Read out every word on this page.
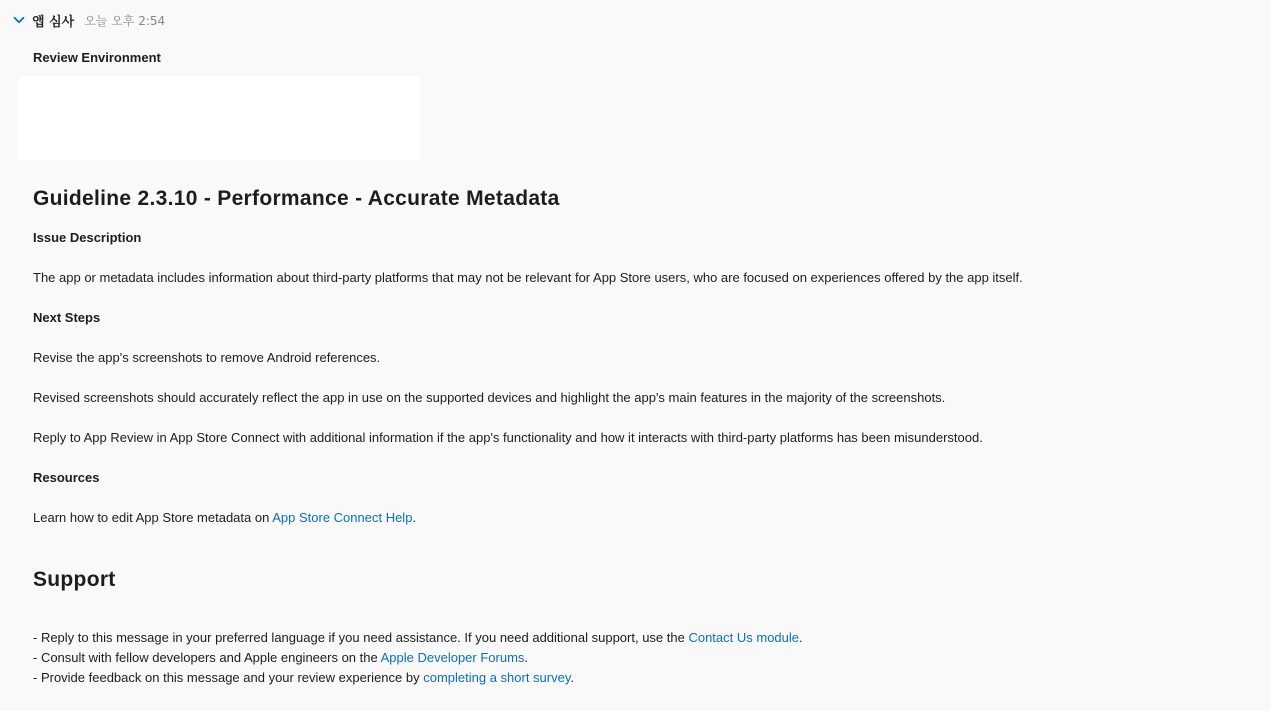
앱 심사 오늘 오후 2:54
Review Environment
Guideline 2.3.10 - Performance - Accurate Metadata
Issue Description
The app or metadata includes information about third-party platforms that may not be relevant for App Store users, who are focused on experiences offered by the app itself.
Next Steps
Revise the app's screenshots to remove Android references.
Revised screenshots should accurately reflect the app in use on the supported devices and highlight the app's main features in the majority of the screenshots.
Reply to App Review in App Store Connect with additional information if the app's functionality and how it interacts with third-party platforms has been misunderstood.
Resources
Learn how to edit App Store metadata on App Store Connect Help.
Support
- Reply to this message in your preferred language if you need assistance. If you need additional support, use the Contact Us module.
- Consult with fellow developers and Apple engineers on the Apple Developer Forums.
- Provide feedback on this message and your review experience by completing a short survey.
